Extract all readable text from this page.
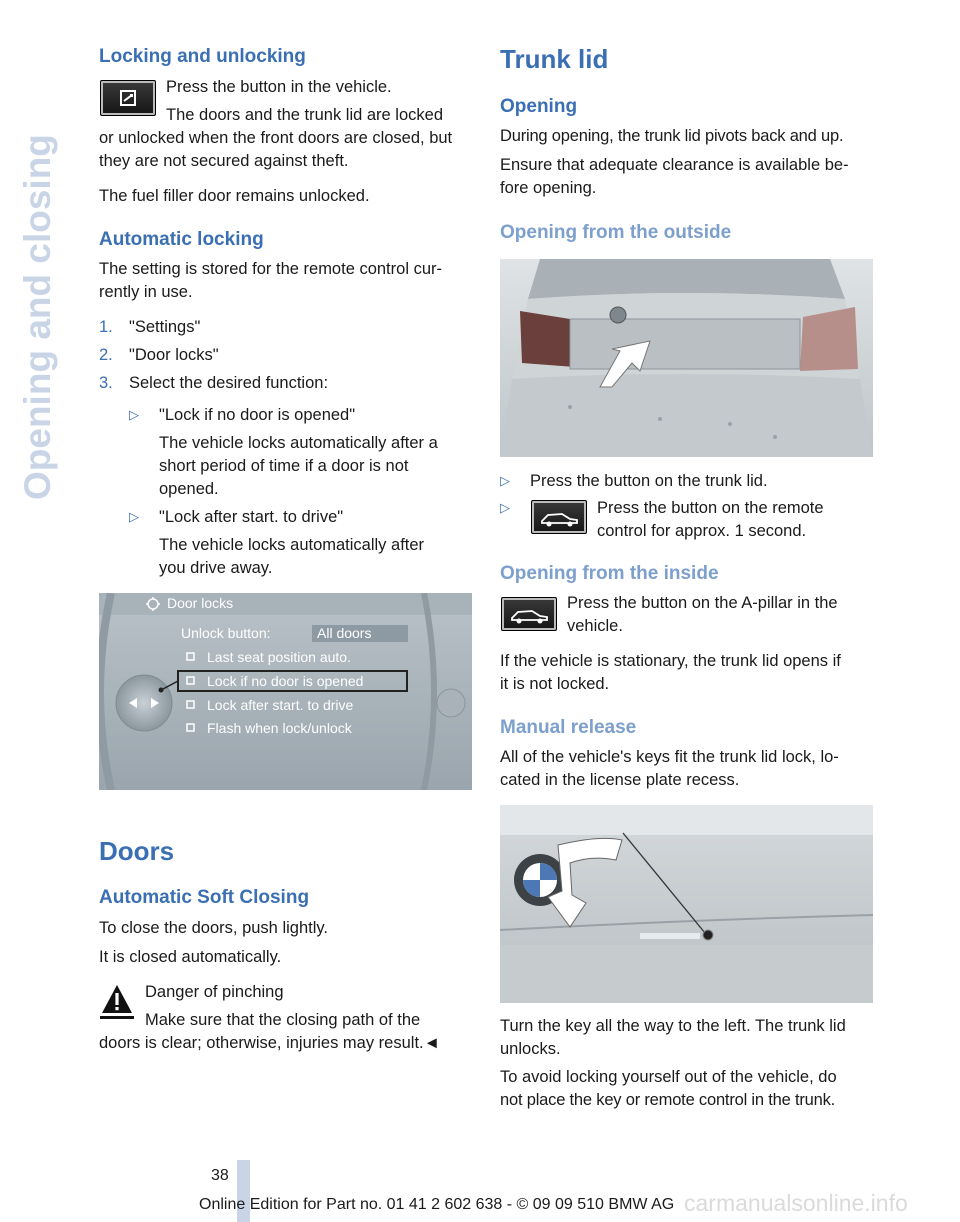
Opening and closing
Locking and unlocking
Press the button in the vehicle.
The doors and the trunk lid are locked
or unlocked when the front doors are closed, but
they are not secured against theft.
The fuel filler door remains unlocked.
Automatic locking
The setting is stored for the remote control cur-
rently in use.
1. "Settings"
2. "Door locks"
3. Select the desired function:
▷ "Lock if no door is opened"
The vehicle locks automatically after a
short period of time if a door is not
opened.
▷ "Lock after start. to drive"
The vehicle locks automatically after
you drive away.
Door locks
Unlock button:	All doors
Last seat position auto.
Lock if no door is opened
Lock after start. to drive
Flash when lock/unlock
Doors
Automatic Soft Closing
To close the doors, push lightly.
It is closed automatically.
Danger of pinching
Make sure that the closing path of the
doors is clear; otherwise, injuries may result.◄
Trunk lid
Opening
During opening, the trunk lid pivots back and up.
Ensure that adequate clearance is available be-
fore opening.
Opening from the outside
▷ Press the button on the trunk lid.
▷	Press the button on the remote
control for approx. 1 second.
Opening from the inside
Press the button on the A-pillar in the
vehicle.
If the vehicle is stationary, the trunk lid opens if
it is not locked.
Manual release
All of the vehicle's keys fit the trunk lid lock, lo-
cated in the license plate recess.
Turn the key all the way to the left. The trunk lid
unlocks.
To avoid locking yourself out of the vehicle, do
not place the key or remote control in the trunk.
38
Online Edition for Part no. 01 41 2 602 638 - © 09 09 510 BMW AG carmanualsonline.info
